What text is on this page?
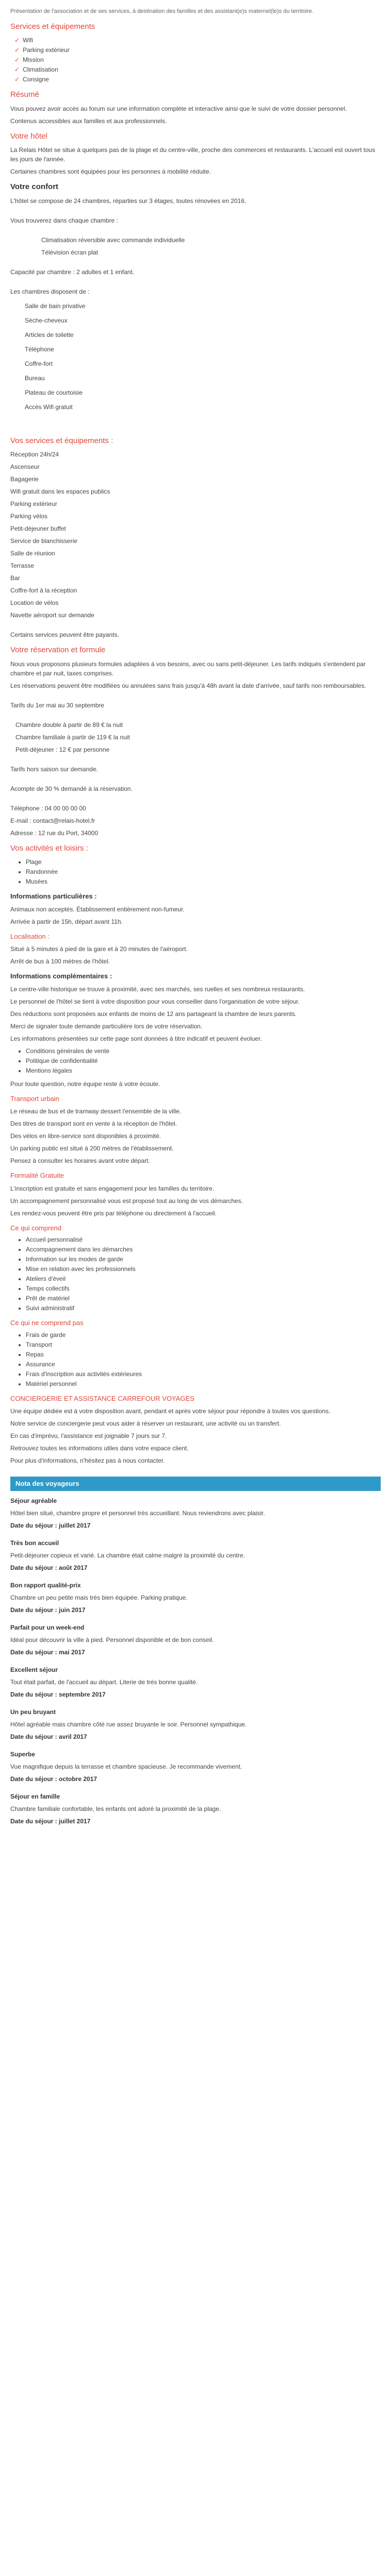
Présentation de l'association et de ses services, à destination des familles et des assistant(e)s maternel(le)s du territoire.

Services et équipements
✓ Wifi
✓ Parking extérieur
✓ Mission
✓ Climatisation
✓ Consigne
Résumé

Vous pouvez avoir accès au forum sur une information complète et interactive ainsi que le suivi de votre dossier personnel.

Contenus accessibles aux familles et aux professionnels.

Votre hôtel

La Relais Hôtel se situe à quelques pas de la plage et du centre-ville, proche des commerces et restaurants. L'accueil est ouvert tous les jours de l'année.

Certaines chambres sont équipées pour les personnes à mobilité réduite.

Votre confort

L'hôtel se compose de 24 chambres, réparties sur 3 étages, toutes rénovées en 2016.

Vous trouverez dans chaque chambre :

Climatisation réversible avec commande individuelle

Télévision écran plat

Capacité par chambre : 2 adultes et 1 enfant.

Les chambres disposent de :

Salle de bain privative
Sèche-cheveux
Articles de toilette
Téléphone
Coffre-fort
Bureau
Plateau de courtoisie
Accès Wifi gratuit
Vos services et équipements :

Réception 24h/24

Ascenseur

Bagagerie

Wifi gratuit dans les espaces publics

Parking extérieur

Parking vélos

Petit-déjeuner buffet

Service de blanchisserie

Salle de réunion

Terrasse

Bar

Coffre-fort à la réception

Location de vélos

Navette aéroport sur demande

Certains services peuvent être payants.

Votre réservation et formule

Nous vous proposons plusieurs formules adaptées à vos besoins, avec ou sans petit-déjeuner. Les tarifs indiqués s'entendent par chambre et par nuit, taxes comprises.

Les réservations peuvent être modifiées ou annulées sans frais jusqu'à 48h avant la date d'arrivée, sauf tarifs non remboursables.

Tarifs du 1er mai au 30 septembre

Chambre double à partir de 89 € la nuit

Chambre familiale à partir de 119 € la nuit

Petit-déjeuner : 12 € par personne

Tarifs hors saison sur demande.

Acompte de 30 % demandé à la réservation.

Téléphone : 04 00 00 00 00

E-mail : contact@relais-hotel.fr

Adresse : 12 rue du Port, 34000

Vos activités et loisirs :
• Plage
• Randonnée
• Musées
Informations particulières :

Animaux non acceptés. Établissement entièrement non-fumeur.

Arrivée à partir de 15h, départ avant 11h.

Localisation :

Situé à 5 minutes à pied de la gare et à 20 minutes de l'aéroport.

Arrêt de bus à 100 mètres de l'hôtel.

Informations complémentaires :

Le centre-ville historique se trouve à proximité, avec ses marchés, ses ruelles et ses nombreux restaurants.

Le personnel de l'hôtel se tient à votre disposition pour vous conseiller dans l'organisation de votre séjour.

Des réductions sont proposées aux enfants de moins de 12 ans partageant la chambre de leurs parents.

Merci de signaler toute demande particulière lors de votre réservation.

Les informations présentées sur cette page sont données à titre indicatif et peuvent évoluer.

• Conditions générales de vente
• Politique de confidentialité
• Mentions légales

Pour toute question, notre équipe reste à votre écoute.

Transport urbain

Le réseau de bus et de tramway dessert l'ensemble de la ville.

Des titres de transport sont en vente à la réception de l'hôtel.

Des vélos en libre-service sont disponibles à proximité.

Un parking public est situé à 200 mètres de l'établissement.

Pensez à consulter les horaires avant votre départ.

Formalité Gratuite

L'inscription est gratuite et sans engagement pour les familles du territoire.

Un accompagnement personnalisé vous est proposé tout au long de vos démarches.

Les rendez-vous peuvent être pris par téléphone ou directement à l'accueil.

Ce qui comprend
• Accueil personnalisé
• Accompagnement dans les démarches
• Information sur les modes de garde
• Mise en relation avec les professionnels
• Ateliers d'éveil
• Temps collectifs
• Prêt de matériel
• Suivi administratif
Ce qui ne comprend pas
• Frais de garde
• Transport
• Repas
• Assurance
• Frais d'inscription aux activités extérieures
• Matériel personnel
CONCIERGERIE ET ASSISTANCE CARREFOUR VOYAGES

Une équipe dédiée est à votre disposition avant, pendant et après votre séjour pour répondre à toutes vos questions.

Notre service de conciergerie peut vous aider à réserver un restaurant, une activité ou un transfert.

En cas d'imprévu, l'assistance est joignable 7 jours sur 7.

Retrouvez toutes les informations utiles dans votre espace client.

Pour plus d'informations, n'hésitez pas à nous contacter.

Nota des voyageurs

Séjour agréable

Hôtel bien situé, chambre propre et personnel très accueillant. Nous reviendrons avec plaisir.

Date du séjour : juillet 2017

Très bon accueil

Petit-déjeuner copieux et varié. La chambre était calme malgré la proximité du centre.

Date du séjour : août 2017

Bon rapport qualité-prix

Chambre un peu petite mais très bien équipée. Parking pratique.

Date du séjour : juin 2017

Parfait pour un week-end

Idéal pour découvrir la ville à pied. Personnel disponible et de bon conseil.

Date du séjour : mai 2017

Excellent séjour

Tout était parfait, de l'accueil au départ. Literie de très bonne qualité.

Date du séjour : septembre 2017

Un peu bruyant

Hôtel agréable mais chambre côté rue assez bruyante le soir. Personnel sympathique.

Date du séjour : avril 2017

Superbe

Vue magnifique depuis la terrasse et chambre spacieuse. Je recommande vivement.

Date du séjour : octobre 2017

Séjour en famille

Chambre familiale confortable, les enfants ont adoré la proximité de la plage.

Date du séjour : juillet 2017
